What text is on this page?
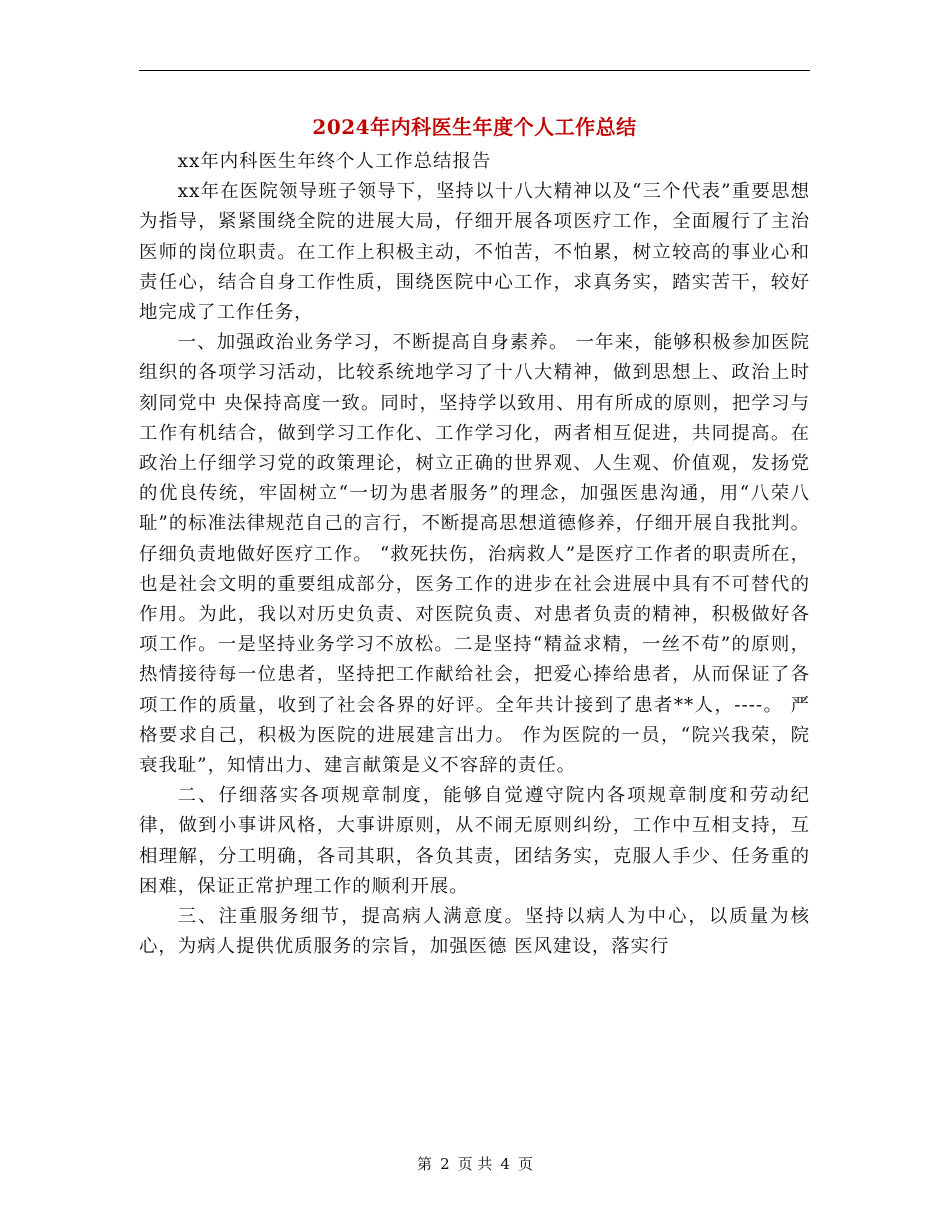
2024年内科医生年度个人工作总结

xx年内科医生年终个人工作总结报告

xx年在医院领导班子领导下，坚持以十八大精神以及“三个代表”重要思想为指导，紧紧围绕全院的进展大局，仔细开展各项医疗工作，全面履行了主治医师的岗位职责。在工作上积极主动，不怕苦，不怕累，树立较高的事业心和责任心，结合自身工作性质，围绕医院中心工作，求真务实，踏实苦干，较好地完成了工作任务，

一、加强政治业务学习，不断提高自身素养。 一年来，能够积极参加医院组织的各项学习活动，比较系统地学习了十八大精神，做到思想上、政治上时刻同党中 央保持高度一致。同时，坚持学以致用、用有所成的原则，把学习与工作有机结合，做到学习工作化、工作学习化，两者相互促进，共同提高。在政治上仔细学习党的政策理论，树立正确的世界观、人生观、价值观，发扬党的优良传统，牢固树立“一切为患者服务”的理念，加强医患沟通，用“八荣八耻”的标准法律规范自己的言行，不断提高思想道德修养，仔细开展自我批判。仔细负责地做好医疗工作。 “救死扶伤，治病救人”是医疗工作者的职责所在，也是社会文明的重要组成部分，医务工作的进步在社会进展中具有不可替代的作用。为此，我以对历史负责、对医院负责、对患者负责的精神，积极做好各项工作。一是坚持业务学习不放松。二是坚持“精益求精，一丝不苟”的原则，热情接待每一位患者，坚持把工作献给社会，把爱心捧给患者，从而保证了各项工作的质量，收到了社会各界的好评。全年共计接到了患者**人，----。 严格要求自己，积极为医院的进展建言出力。 作为医院的一员，“院兴我荣，院衰我耻”，知情出力、建言献策是义不容辞的责任。

二、仔细落实各项规章制度，能够自觉遵守院内各项规章制度和劳动纪律，做到小事讲风格，大事讲原则，从不闹无原则纠纷，工作中互相支持，互相理解，分工明确，各司其职，各负其责，团结务实，克服人手少、任务重的困难，保证正常护理工作的顺利开展。

三、注重服务细节，提高病人满意度。坚持以病人为中心，以质量为核心，为病人提供优质服务的宗旨，加强医德 医风建设，落实行

第 2 页 共 4 页
